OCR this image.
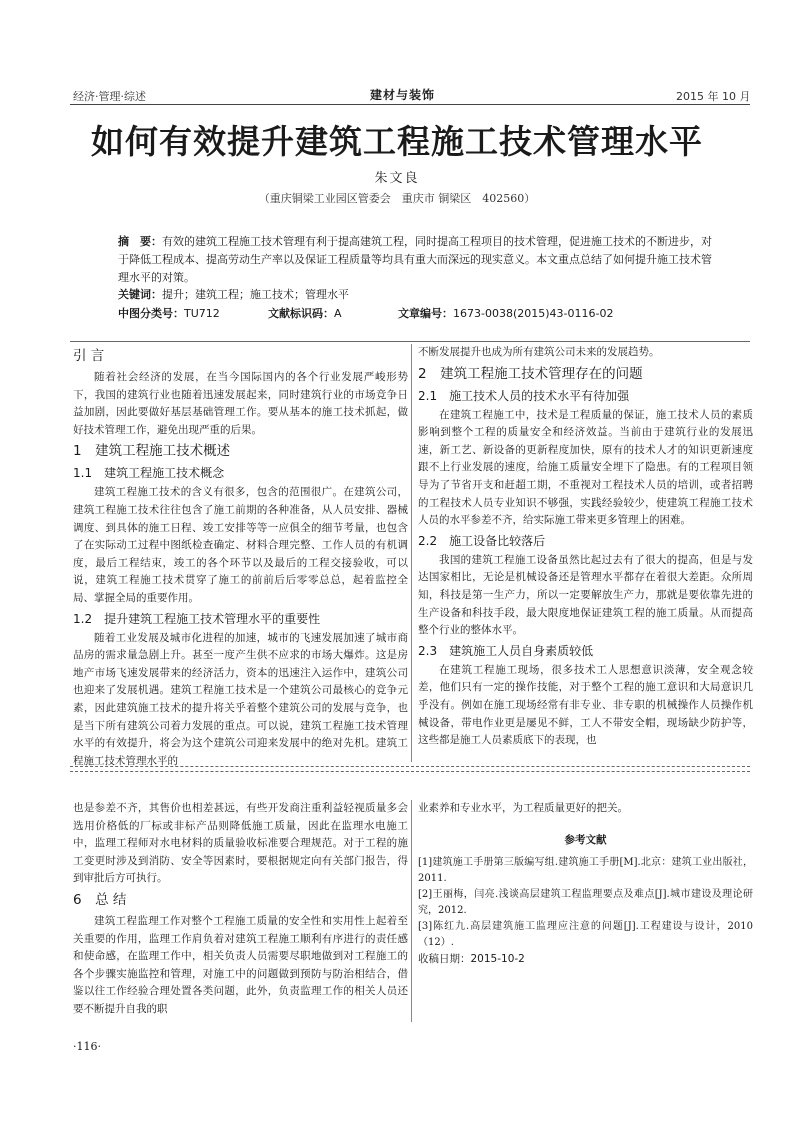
经济·管理·综述	建材与装饰	2015 年 10 月
如何有效提升建筑工程施工技术管理水平
朱文良
（重庆铜梁工业园区管委会　重庆市 铜梁区　402560）
摘　要：有效的建筑工程施工技术管理有利于提高建筑工程，同时提高工程项目的技术管理，促进施工技术的不断进步，对于降低工程成本、提高劳动生产率以及保证工程质量等均具有重大而深远的现实意义。本文重点总结了如何提升施工技术管理水平的对策。
关键词：提升；建筑工程；施工技术；管理水平
中图分类号：TU712	文献标识码：A	文章编号：1673-0038(2015)43-0116-02
引 言

随着社会经济的发展，在当今国际国内的各个行业发展严峻形势下，我国的建筑行业也随着迅速发展起来，同时建筑行业的市场竞争日益加剧，因此要做好基层基础管理工作。要从基本的施工技术抓起，做好技术管理工作，避免出现严重的后果。

1　建筑工程施工技术概述
1.1　建筑工程施工技术概念

建筑工程施工技术的含义有很多，包含的范围很广。在建筑公司，建筑工程施工技术往往包含了施工前期的各种准备，从人员安排、器械调度、到具体的施工日程、竣工安排等等一应俱全的细节考量，也包含了在实际动工过程中图纸检查确定、材料合理完整、工作人员的有机调度，最后工程结束，竣工的各个环节以及最后的工程交接验收，可以说，建筑工程施工技术贯穿了施工的前前后后零零总总，起着监控全局、掌握全局的重要作用。

1.2　提升建筑工程施工技术管理水平的重要性

随着工业发展及城市化进程的加速，城市的飞速发展加速了城市商品房的需求量急剧上升。甚至一度产生供不应求的市场大爆炸。这是房地产市场飞速发展带来的经济活力，资本的迅速注入运作中，建筑公司也迎来了发展机遇。建筑工程施工技术是一个建筑公司最核心的竞争元素，因此建筑施工技术的提升将关乎着整个建筑公司的发展与竞争，也是当下所有建筑公司着力发展的重点。可以说，建筑工程施工技术管理水平的有效提升，将会为这个建筑公司迎来发展中的绝对先机。建筑工程施工技术管理水平的

不断发展提升也成为所有建筑公司未来的发展趋势。

2　建筑工程施工技术管理存在的问题
2.1　施工技术人员的技术水平有待加强

在建筑工程施工中，技术是工程质量的保证，施工技术人员的素质影响到整个工程的质量安全和经济效益。当前由于建筑行业的发展迅速，新工艺、新设备的更新程度加快，原有的技术人才的知识更新速度跟不上行业发展的速度，给施工质量安全埋下了隐患。有的工程项目领导为了节省开支和赶超工期，不重视对工程技术人员的培训，或者招聘的工程技术人员专业知识不够强，实践经验较少，使建筑工程施工技术人员的水平参差不齐，给实际施工带来更多管理上的困难。

2.2　施工设备比较落后

我国的建筑工程施工设备虽然比起过去有了很大的提高，但是与发达国家相比，无论是机械设备还是管理水平都存在着很大差距。众所周知，科技是第一生产力，所以一定要解放生产力，那就是要依靠先进的生产设备和科技手段，最大限度地保证建筑工程的施工质量。从而提高整个行业的整体水平。

2.3　建筑施工人员自身素质较低

在建筑工程施工现场，很多技术工人思想意识淡薄，安全观念较差，他们只有一定的操作技能，对于整个工程的施工意识和大局意识几乎没有。例如在施工现场经常有非专业、非专职的机械操作人员操作机械设备，带电作业更是屡见不鲜，工人不带安全帽，现场缺少防护等，这些都是施工人员素质底下的表现，也

也是参差不齐，其售价也相差甚远，有些开发商注重利益轻视质量多会选用价格低的厂标或非标产品则降低施工质量，因此在监理水电施工中，监理工程师对水电材料的质量验收标准要合理规范。对于工程的施工变更时涉及到消防、安全等因素时，要根据规定向有关部门报告，得到审批后方可执行。

6　总 结

建筑工程监理工作对整个工程施工质量的安全性和实用性上起着至关重要的作用，监理工作肩负着对建筑工程施工顺利有序进行的责任感和使命感，在监理工作中，相关负责人员需要尽职地做到对工程施工的各个步骤实施监控和管理，对施工中的问题做到预防与防治相结合，借鉴以往工作经验合理处置各类问题，此外，负责监理工作的相关人员还要不断提升自我的职

业素养和专业水平，为工程质量更好的把关。

参考文献

[1]建筑施工手册第三版编写组.建筑施工手册[M].北京：建筑工业出版社，2011.

[2]王丽梅，闫亮.浅谈高层建筑工程监理要点及难点[J].城市建设及理论研究，2012.

[3]陈红九.高层建筑施工监理应注意的问题[J].工程建设与设计，2010（12）.

收稿日期：2015-10-2

·116·
